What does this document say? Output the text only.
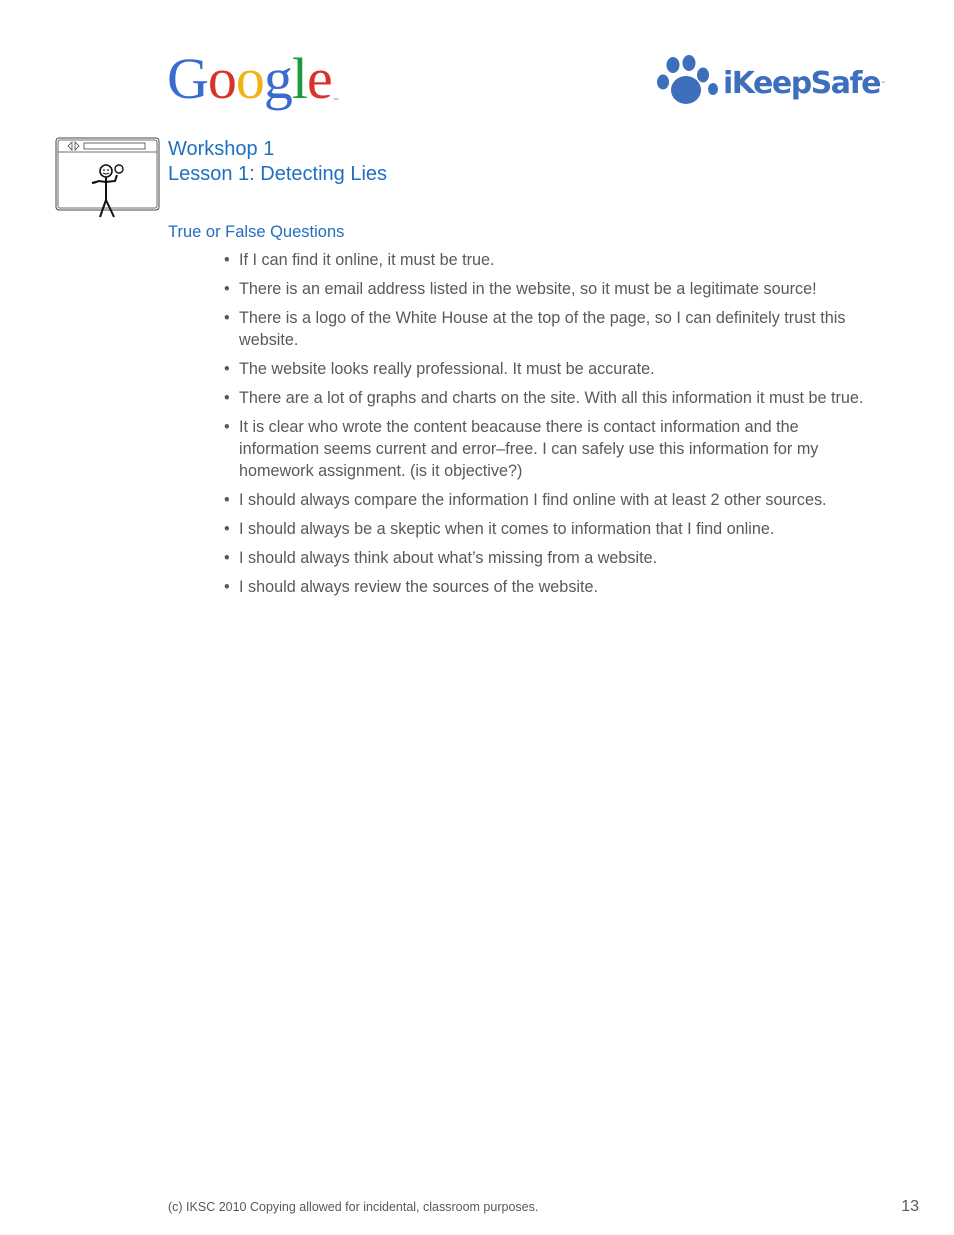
Google™	iKeepSafe™
Workshop 1
Lesson 1: Detecting Lies
True or False Questions
• If I can find it online, it must be true.
• There is an email address listed in the website, so it must be a legitimate source!
• There is a logo of the White House at the top of the page, so I can definitely trust this website.
• The website looks really professional. It must be accurate.
• There are a lot of graphs and charts on the site. With all this information it must be true.
• It is clear who wrote the content beacause there is contact information and the information seems current and error–free. I can safely use this information for my homework assignment. (is it objective?)
• I should always compare the information I find online with at least 2 other sources.
• I should always be a skeptic when it comes to information that I find online.
• I should always think about what’s missing from a website.
• I should always review the sources of the website.
(c) IKSC 2010 Copying allowed for incidental, classroom purposes.	13
